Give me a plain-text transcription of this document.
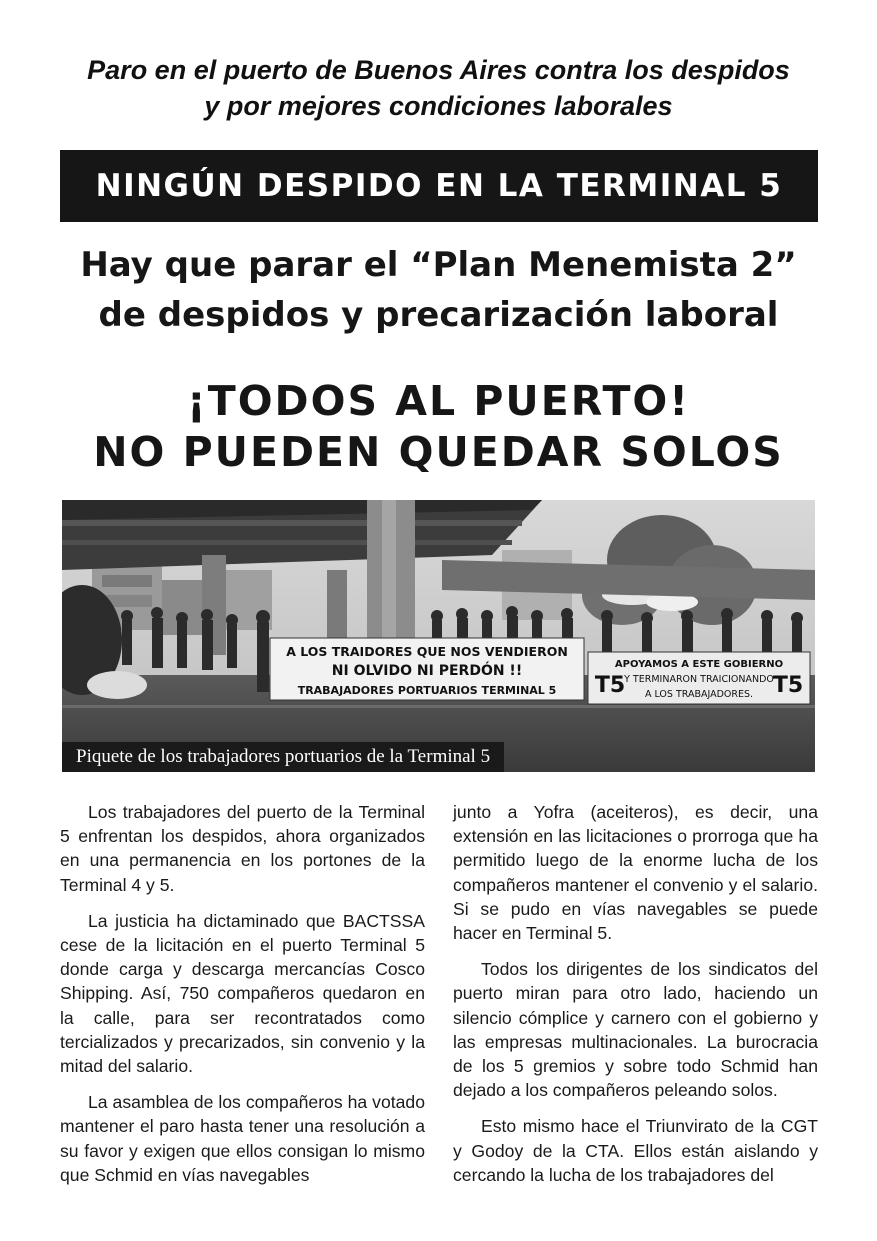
Paro en el puerto de Buenos Aires contra los despidos
y por mejores condiciones laborales
NINGÚN DESPIDO EN LA TERMINAL 5
Hay que parar el “Plan Menemista 2”
de despidos y precarización laboral
¡TODOS AL PUERTO!
NO PUEDEN QUEDAR SOLOS
A LOS TRAIDORES QUE NOS VENDIERON
NI OLVIDO NI PERDÓN !!
TRABAJADORES PORTUARIOS TERMINAL 5
APOYAMOS A ESTE GOBIERNO
Y TERMINARON TRAICIONANDO
A LOS TRABAJADORES.
T5	T5
Piquete de los trabajadores portuarios de la Terminal 5

Los trabajadores del puerto de la Terminal 5 enfrentan los despidos, ahora organizados en una permanencia en los portones de la Terminal 4 y 5.

La justicia ha dictaminado que BACTSSA cese de la licitación en el puerto Terminal 5 donde carga y descarga mercancías Cosco Shipping. Así, 750 compañeros quedaron en la calle, para ser recontratados como tercializados y precarizados, sin convenio y la mitad del salario.

La asamblea de los compañeros ha votado mantener el paro hasta tener una resolución a su favor y exigen que ellos consigan lo mismo que Schmid en vías navegables

junto a Yofra (aceiteros), es decir, una extensión en las licitaciones o prorroga que ha permitido luego de la enorme lucha de los compañeros mantener el convenio y el salario. Si se pudo en vías navegables se puede hacer en Terminal 5.

Todos los dirigentes de los sindicatos del puerto miran para otro lado, haciendo un silencio cómplice y carnero con el gobierno y las empresas multinacionales. La burocracia de los 5 gremios y sobre todo Schmid han dejado a los compañeros peleando solos.

Esto mismo hace el Triunvirato de la CGT y Godoy de la CTA. Ellos están aislando y cercando la lucha de los trabajadores del
